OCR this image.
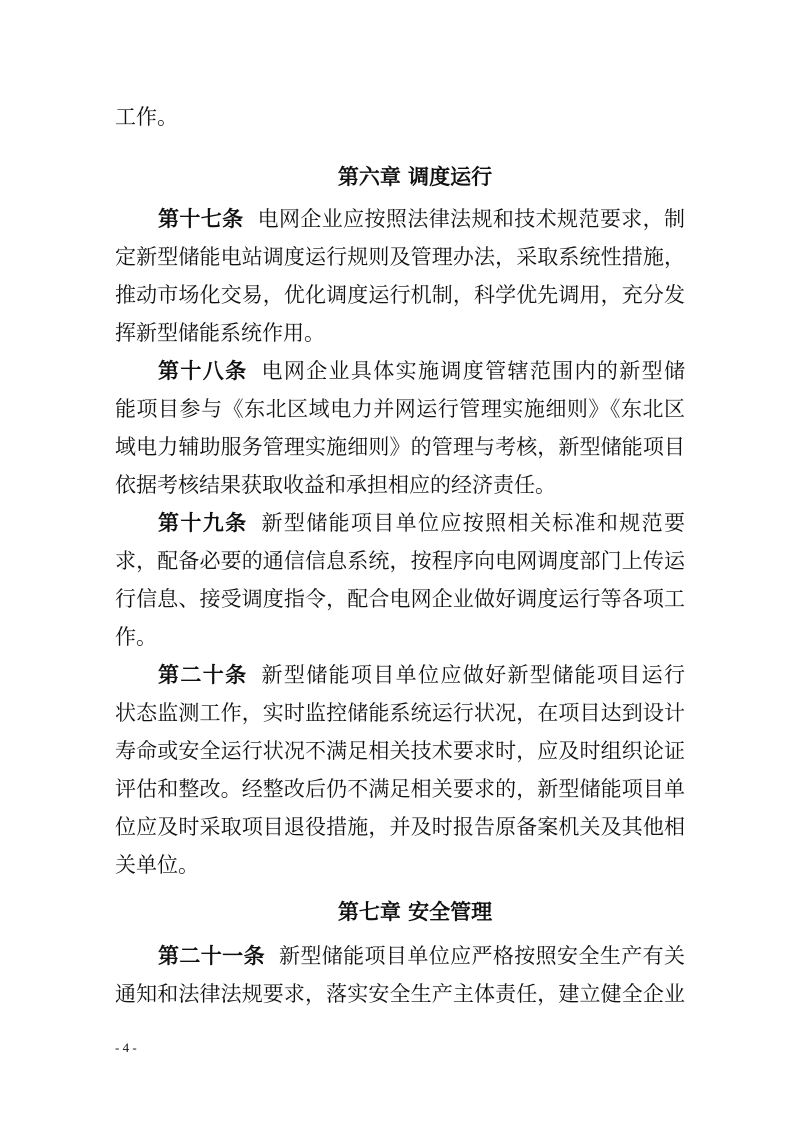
工作。
第六章 调度运行
第十七条 电网企业应按照法律法规和技术规范要求，制
定新型储能电站调度运行规则及管理办法，采取系统性措施，
推动市场化交易，优化调度运行机制，科学优先调用，充分发
挥新型储能系统作用。
第十八条 电网企业具体实施调度管辖范围内的新型储
能项目参与《东北区域电力并网运行管理实施细则》《东北区
域电力辅助服务管理实施细则》的管理与考核，新型储能项目
依据考核结果获取收益和承担相应的经济责任。
第十九条 新型储能项目单位应按照相关标准和规范要
求，配备必要的通信信息系统，按程序向电网调度部门上传运
行信息、接受调度指令，配合电网企业做好调度运行等各项工
作。
第二十条 新型储能项目单位应做好新型储能项目运行
状态监测工作，实时监控储能系统运行状况，在项目达到设计
寿命或安全运行状况不满足相关技术要求时，应及时组织论证
评估和整改。经整改后仍不满足相关要求的，新型储能项目单
位应及时采取项目退役措施，并及时报告原备案机关及其他相
关单位。
第七章 安全管理
第二十一条 新型储能项目单位应严格按照安全生产有关
通知和法律法规要求，落实安全生产主体责任，建立健全企业
- 4 -
